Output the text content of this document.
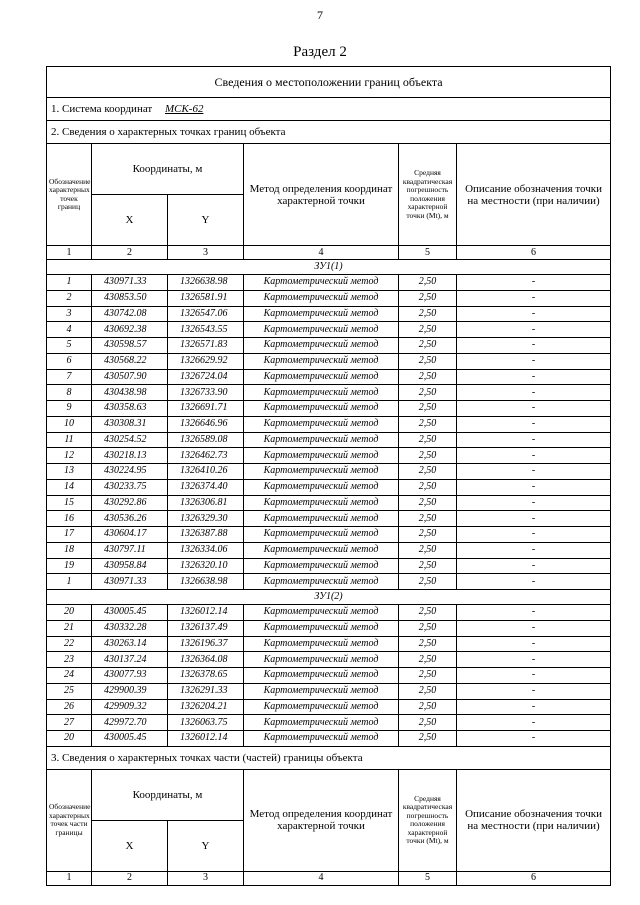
7
Раздел 2
Сведения о местоположении границ объекта					
1. Система координат МСК-62					
2. Сведения о характерных точках границ объекта					
Обозначение характерных точек границ	Координаты, м		Метод определения координат характерной точки	Средняя квадратическая погрешность положения характерной точки (Mt), м	Описание обозначения точки на местности (при наличии)
	X	Y			
1	2	3	4	5	6
ЗУ1(1)					
1	430971.33	1326638.98	Картометрический метод	2,50	-
2	430853.50	1326581.91	Картометрический метод	2,50	-
3	430742.08	1326547.06	Картометрический метод	2,50	-
4	430692.38	1326543.55	Картометрический метод	2,50	-
5	430598.57	1326571.83	Картометрический метод	2,50	-
6	430568.22	1326629.92	Картометрический метод	2,50	-
7	430507.90	1326724.04	Картометрический метод	2,50	-
8	430438.98	1326733.90	Картометрический метод	2,50	-
9	430358.63	1326691.71	Картометрический метод	2,50	-
10	430308.31	1326646.96	Картометрический метод	2,50	-
11	430254.52	1326589.08	Картометрический метод	2,50	-
12	430218.13	1326462.73	Картометрический метод	2,50	-
13	430224.95	1326410.26	Картометрический метод	2,50	-
14	430233.75	1326374.40	Картометрический метод	2,50	-
15	430292.86	1326306.81	Картометрический метод	2,50	-
16	430536.26	1326329.30	Картометрический метод	2,50	-
17	430604.17	1326387.88	Картометрический метод	2,50	-
18	430797.11	1326334.06	Картометрический метод	2,50	-
19	430958.84	1326320.10	Картометрический метод	2,50	-
1	430971.33	1326638.98	Картометрический метод	2,50	-
ЗУ1(2)					
20	430005.45	1326012.14	Картометрический метод	2,50	-
21	430332.28	1326137.49	Картометрический метод	2,50	-
22	430263.14	1326196.37	Картометрический метод	2,50	-
23	430137.24	1326364.08	Картометрический метод	2,50	-
24	430077.93	1326378.65	Картометрический метод	2,50	-
25	429900.39	1326291.33	Картометрический метод	2,50	-
26	429909.32	1326204.21	Картометрический метод	2,50	-
27	429972.70	1326063.75	Картометрический метод	2,50	-
20	430005.45	1326012.14	Картометрический метод	2,50	-
3. Сведения о характерных точках части (частей) границы объекта					
Обозначение характерных точек части границы	Координаты, м		Метод определения координат характерной точки	Средняя квадратическая погрешность положения характерной точки (Mt), м	Описание обозначения точки на местности (при наличии)
	X	Y			
1	2	3	4	5	6
